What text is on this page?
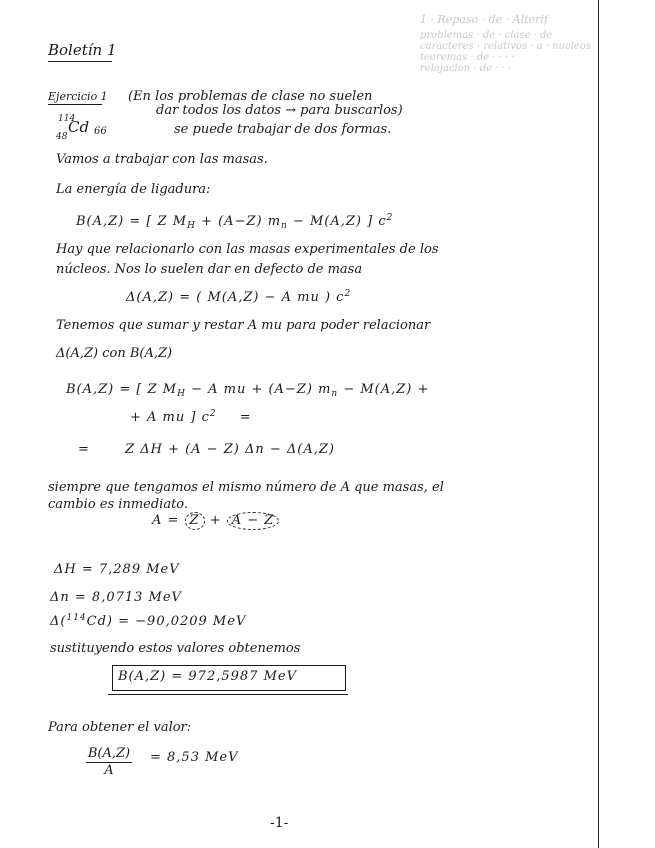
1 · Repaso · de · Alterif
problemas · de · clase · de
caracteres · relativos · a · nucleos
teoremas · de · · · ·
relajacion · de · · ·
Boletín 1
Ejercicio 1 (En los problemas de clase no suelen
dar todos los datos → para buscarlos)
114
48
Cd 66	se puede trabajar de dos formas.
Vamos a trabajar con las masas.
La energía de ligadura:
B(A,Z) = [ Z $M_H + (A-Z) m_n - M(A,Z)$ ] $c^2$
Hay que relacionarlo con las masas experimentales de los
núcleos. Nos lo suelen dar en defecto de masa
Δ(A,Z) = ( M(A,Z) − A mu ) $c^2$
Tenemos que sumar y restar A mu para poder relacionar
Δ(A,Z) con B(A,Z)
B(A,Z) = [ Z $M_H - A$ mu + (A−Z) $m_n - M(A,Z)$ +
+ A mu ] $c^2$ =
=	Z ΔH + (A − Z) Δn − Δ(A,Z)
siempre que tengamos el mismo número de A que masas, el
cambio es inmediato.
A = Z + A − Z
ΔH = 7,289 MeV
Δn = 8,0713 MeV
Δ($^{114}$Cd) = −90,0209 MeV
sustituyendo estos valores obtenemos
B(A,Z) = 972,5987 MeV
Para obtener el valor:
$\frac{B(A,Z)}{A} = 8,53$ MeV
-1-
